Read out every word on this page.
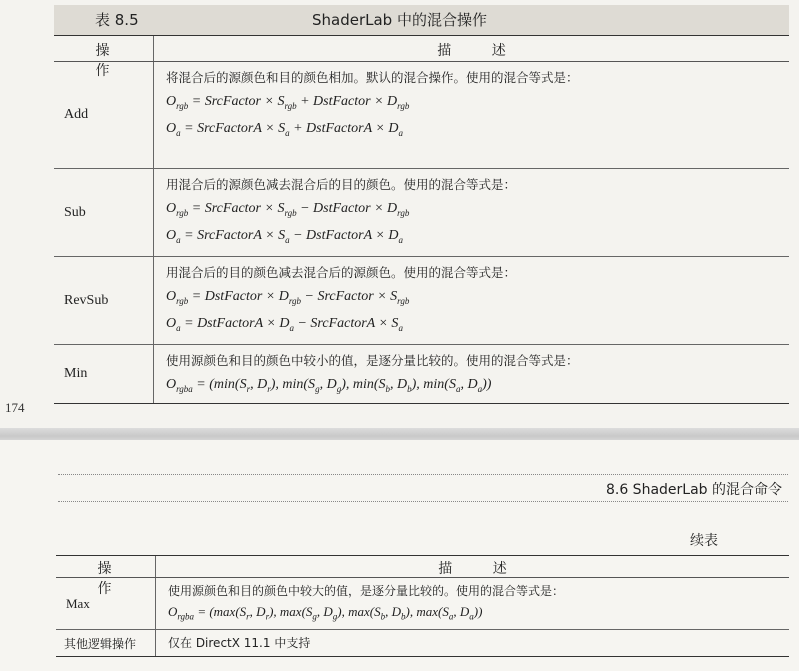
表 8.5	ShaderLab 中的混合操作
操 作
描 述
Add
将混合后的源颜色和目的颜色相加。默认的混合操作。使用的混合等式是：
$O_{rgb}$ = SrcFactor × $S_{rgb}$ + DstFactor × $D_{rgb}$
$O_a$ = SrcFactorA × $S_a$ + DstFactorA × $D_a$
Sub
用混合后的源颜色减去混合后的目的颜色。使用的混合等式是：
$O_{rgb}$ = SrcFactor × $S_{rgb}$ − DstFactor × $D_{rgb}$
$O_a$ = SrcFactorA × $S_a$ − DstFactorA × $D_a$
RevSub
用混合后的目的颜色减去混合后的源颜色。使用的混合等式是：
$O_{rgb}$ = DstFactor × $D_{rgb}$ − SrcFactor × $S_{rgb}$
$O_a$ = DstFactorA × $D_a$ − SrcFactorA × $S_a$
Min
使用源颜色和目的颜色中较小的值，是逐分量比较的。使用的混合等式是：
$O_{rgba} = (\min(S_r$, $D_r$), $\min(S_g$, $D_g$), $\min(S_b$, $D_b$), $\min(S_a$, $D_a$))
174
8.6 ShaderLab 的混合命令
续表
操 作
描 述
Max
使用源颜色和目的颜色中较大的值，是逐分量比较的。使用的混合等式是：
$O_{rgba} = (\max(S_r$, $D_r$), $\max(S_g$, $D_g$), $\max(S_b$, $D_b$), $\max(S_a$, $D_a$))
其他逻辑操作	仅在 DirectX 11.1 中支持
